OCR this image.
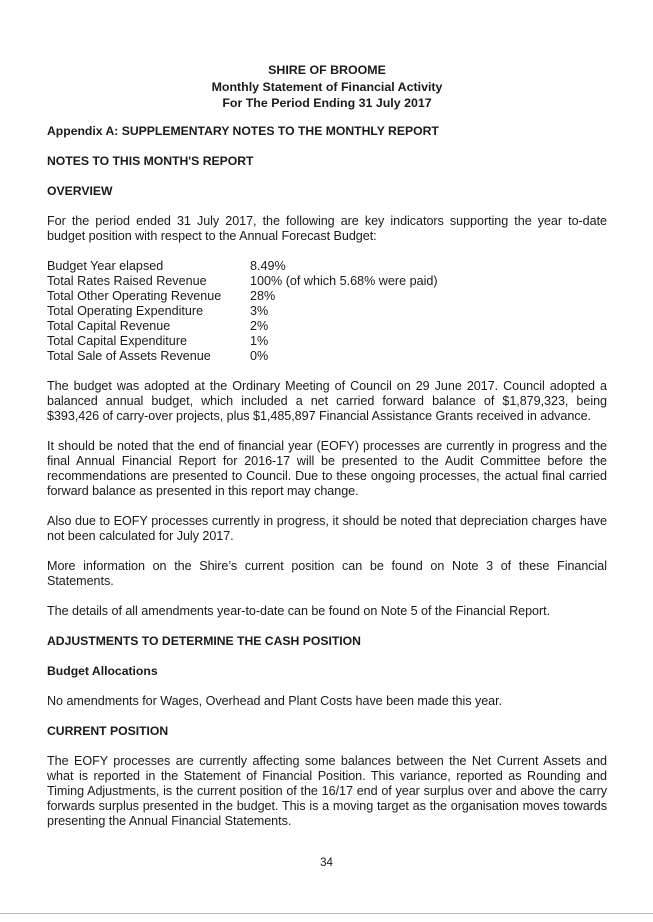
SHIRE OF BROOME
Monthly Statement of Financial Activity
For The Period Ending 31 July 2017

Appendix A: SUPPLEMENTARY NOTES TO THE MONTHLY REPORT

NOTES TO THIS MONTH'S REPORT

OVERVIEW

For the period ended 31 July 2017, the following are key indicators supporting the year to-date budget position with respect to the Annual Forecast Budget:

Budget Year elapsed	8.49%
Total Rates Raised Revenue	100% (of which 5.68% were paid)
Total Other Operating Revenue	28%
Total Operating Expenditure	3%
Total Capital Revenue	2%
Total Capital Expenditure	1%
Total Sale of Assets Revenue	0%

The budget was adopted at the Ordinary Meeting of Council on 29 June 2017. Council adopted a balanced annual budget, which included a net carried forward balance of $1,879,323, being $393,426 of carry-over projects, plus $1,485,897 Financial Assistance Grants received in advance.

It should be noted that the end of financial year (EOFY) processes are currently in progress and the final Annual Financial Report for 2016-17 will be presented to the Audit Committee before the recommendations are presented to Council. Due to these ongoing processes, the actual final carried forward balance as presented in this report may change.

Also due to EOFY processes currently in progress, it should be noted that depreciation charges have not been calculated for July 2017.

More information on the Shire’s current position can be found on Note 3 of these Financial Statements.

The details of all amendments year-to-date can be found on Note 5 of the Financial Report.

ADJUSTMENTS TO DETERMINE THE CASH POSITION

Budget Allocations

No amendments for Wages, Overhead and Plant Costs have been made this year.

CURRENT POSITION

The EOFY processes are currently affecting some balances between the Net Current Assets and what is reported in the Statement of Financial Position. This variance, reported as Rounding and Timing Adjustments, is the current position of the 16/17 end of year surplus over and above the carry forwards surplus presented in the budget. This is a moving target as the organisation moves towards presenting the Annual Financial Statements.

34
